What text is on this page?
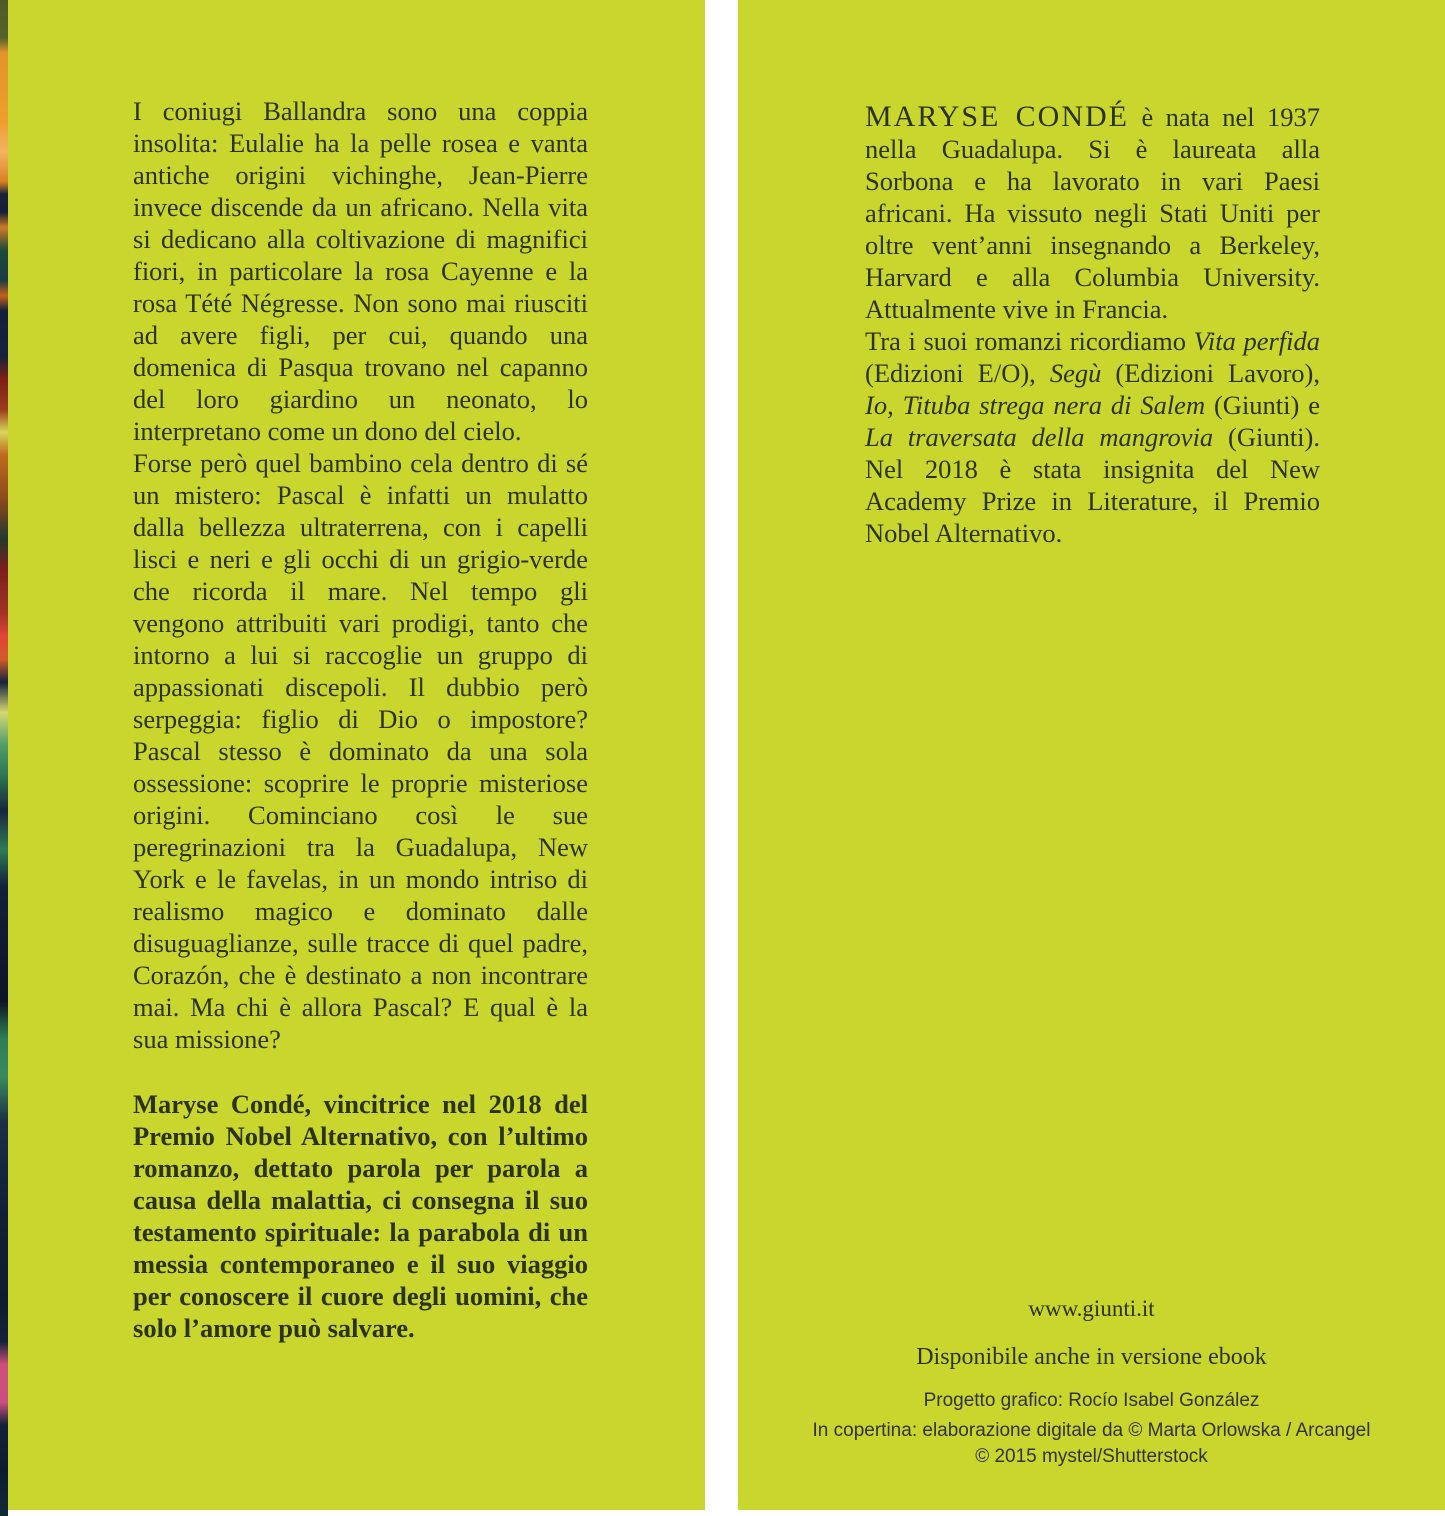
I coniugi Ballandra sono una coppia insolita: Eulalie ha la pelle rosea e vanta antiche origini vichinghe, Jean-Pierre invece discende da un africano. Nella vita si dedicano alla coltivazione di magnifici fiori, in particolare la rosa Cayenne e la rosa Tété Négresse. Non sono mai riusciti ad avere figli, per cui, quando una domenica di Pasqua trovano nel capanno del loro giardino un neonato, lo interpretano come un dono del cielo.

Forse però quel bambino cela dentro di sé un mistero: Pascal è infatti un mulatto dalla bellezza ultraterrena, con i capelli lisci e neri e gli occhi di un grigio-verde che ricorda il mare. Nel tempo gli vengono attribuiti vari prodigi, tanto che intorno a lui si raccoglie un gruppo di appassionati discepoli. Il dubbio però serpeggia: figlio di Dio o impostore? Pascal stesso è dominato da una sola ossessione: scoprire le proprie misteriose origini. Cominciano così le sue peregrinazioni tra la Guadalupa, New York e le favelas, in un mondo intriso di realismo magico e dominato dalle disuguaglianze, sulle tracce di quel padre, Corazón, che è destinato a non incontrare mai. Ma chi è allora Pascal? E qual è la sua missione?

Maryse Condé, vincitrice nel 2018 del Premio Nobel Alternativo, con l’ultimo romanzo, dettato parola per parola a causa della malattia, ci consegna il suo testamento spirituale: la parabola di un messia contemporaneo e il suo viaggio per conoscere il cuore degli uomini, che solo l’amore può salvare.

MARYSE CONDÉ è nata nel 1937 nella Guadalupa. Si è laureata alla Sorbona e ha lavorato in vari Paesi africani. Ha vissuto negli Stati Uniti per oltre vent’anni insegnando a Berkeley, Harvard e alla Columbia University. Attualmente vive in Francia.

Tra i suoi romanzi ricordiamo Vita perfida (Edizioni E/O), Segù (Edizioni Lavoro), Io, Tituba strega nera di Salem (Giunti) e La traversata della mangrovia (Giunti). Nel 2018 è stata insignita del New Academy Prize in Literature, il Premio Nobel Alternativo.

www.giunti.it
Disponibile anche in versione ebook
Progetto grafico: Rocío Isabel González
In copertina: elaborazione digitale da © Marta Orlowska / Arcangel
© 2015 mystel/Shutterstock
